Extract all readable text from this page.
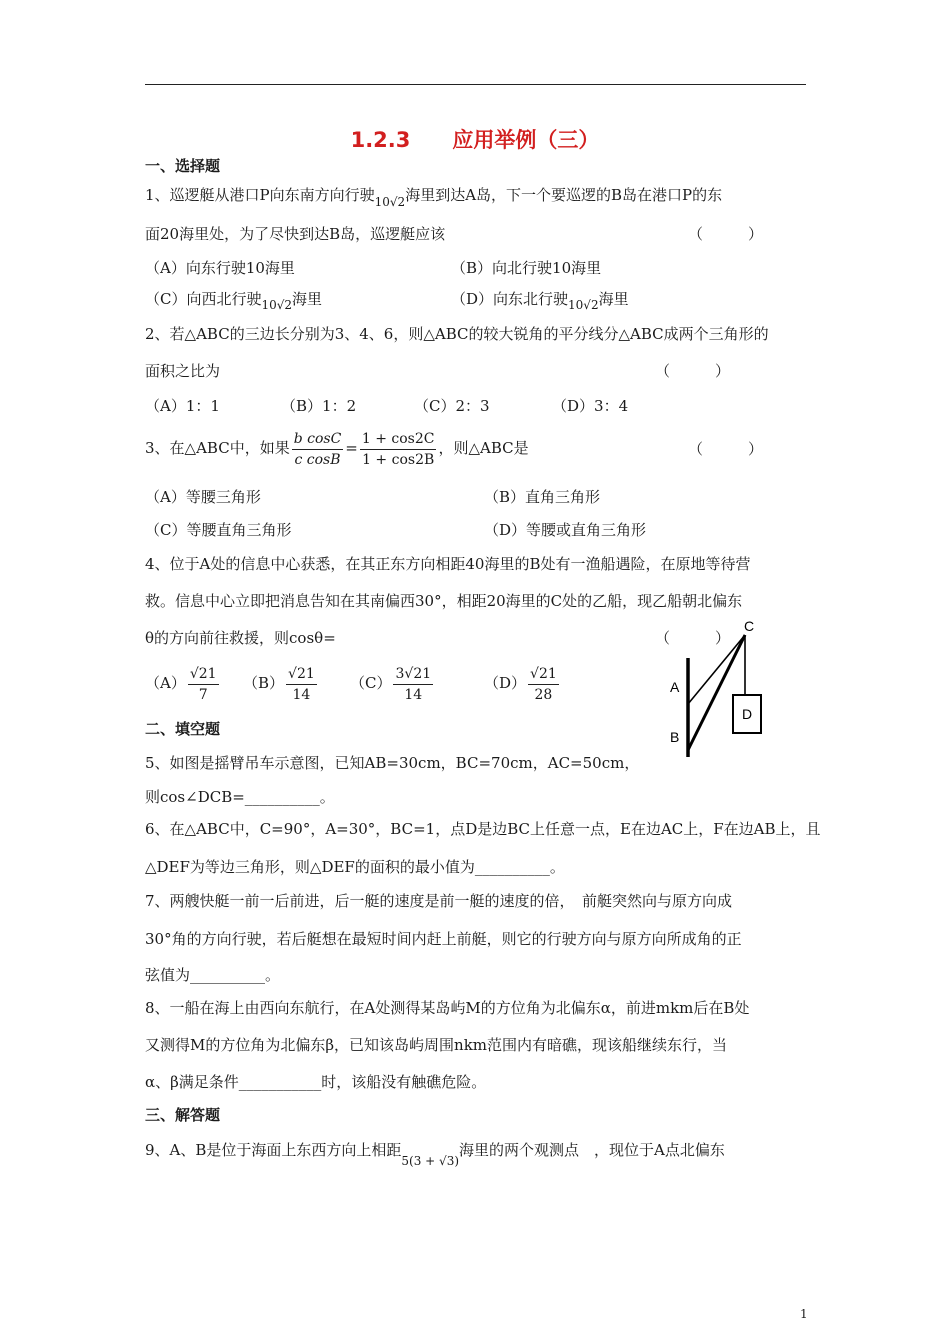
1.2.3　　应用举例（三）
一、选择题
1、巡逻艇从港口P向东南方向行驶$_{10√2}$海里到达A岛，下一个要巡逻的B岛在港口P的东
面20海里处，为了尽快到达B岛，巡逻艇应该	（　　　）
（A）向东行驶10海里	（B）向北行驶10海里
（C）向西北行驶$_{10√2}$海里	（D）向东北行驶$_{10√2}$海里
2、若△ABC的三边长分别为3、4、6，则△ABC的较大锐角的平分线分△ABC成两个三角形的
面积之比为	（　　　）
（A）1：1	（B）1：2	（C）2：3	（D）3：4
3、在△ABC中，如果 $\frac{\text{b cosC}}{\text{c cosB}} = \frac{1 + \cos 2C}{1 + \cos 2B}$ ，则△ABC是	（　　　）
（A）等腰三角形	（B）直角三角形
（C）等腰直角三角形	（D）等腰或直角三角形
4、位于A处的信息中心获悉，在其正东方向相距40海里的B处有一渔船遇险，在原地等待营
救。信息中心立即把消息告知在其南偏西30°，相距20海里的C处的乙船，现乙船朝北偏东
θ的方向前往救援，则cosθ=	（　　　）
$(A) \frac{√21}{7} (B) \frac{√21}{14} (C) \frac{3√21}{14}$	$(D) \frac{√21}{28}$
C
A
B
D
二、填空题
5、如图是摇臂吊车示意图，已知AB=30cm，BC=70cm，AC=50cm，
则cos∠DCB=__________。
6、在△ABC中，C=90°，A=30°，BC=1，点D是边BC上任意一点，E在边AC上，F在边AB上，且
△DEF为等边三角形，则△DEF的面积的最小值为__________。
7、两艘快艇一前一后前进，后一艇的速度是前一艇的速度的倍，　前艇突然向与原方向成
30°角的方向行驶，若后艇想在最短时间内赶上前艇，则它的行驶方向与原方向所成角的正
弦值为__________。
8、一船在海上由西向东航行，在A处测得某岛屿M的方位角为北偏东α，前进mkm后在B处
又测得M的方位角为北偏东β，已知该岛屿周围nkm范围内有暗礁，现该船继续东行，当
α、β满足条件___________时，该船没有触礁危险。
三、解答题
9、A、B是位于海面上东西方向上相距$_{5(3 + √3)}$海里的两个观测点　，现位于A点北偏东
1
